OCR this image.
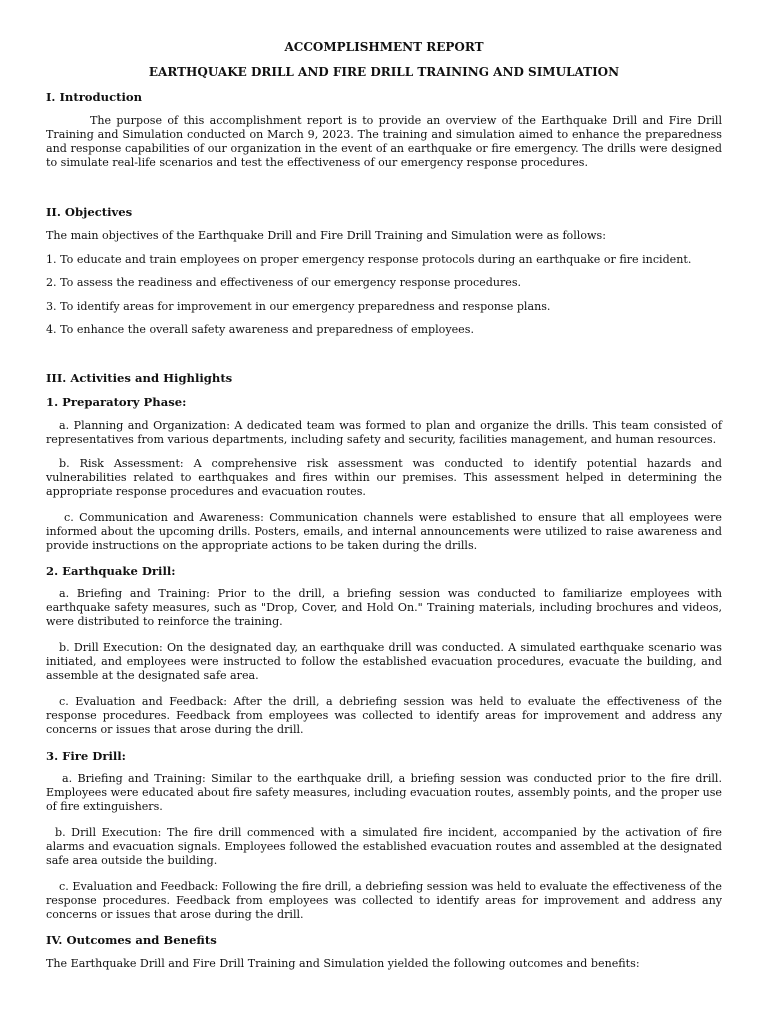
ACCOMPLISHMENT REPORT
EARTHQUAKE DRILL AND FIRE DRILL TRAINING AND SIMULATION
I. Introduction
The purpose of this accomplishment report is to provide an overview of the Earthquake Drill and Fire Drill Training and Simulation conducted on March 9, 2023. The training and simulation aimed to enhance the preparedness and response capabilities of our organization in the event of an earthquake or fire emergency. The drills were designed to simulate real-life scenarios and test the effectiveness of our emergency response procedures.
II. Objectives
The main objectives of the Earthquake Drill and Fire Drill Training and Simulation were as follows:
1. To educate and train employees on proper emergency response protocols during an earthquake or fire incident.
2. To assess the readiness and effectiveness of our emergency response procedures.
3. To identify areas for improvement in our emergency preparedness and response plans.
4. To enhance the overall safety awareness and preparedness of employees.
III. Activities and Highlights
1. Preparatory Phase:
a. Planning and Organization: A dedicated team was formed to plan and organize the drills. This team consisted of representatives from various departments, including safety and security, facilities management, and human resources.
b. Risk Assessment: A comprehensive risk assessment was conducted to identify potential hazards and vulnerabilities related to earthquakes and fires within our premises. This assessment helped in determining the appropriate response procedures and evacuation routes.
c. Communication and Awareness: Communication channels were established to ensure that all employees were informed about the upcoming drills. Posters, emails, and internal announcements were utilized to raise awareness and provide instructions on the appropriate actions to be taken during the drills.
2. Earthquake Drill:
a. Briefing and Training: Prior to the drill, a briefing session was conducted to familiarize employees with earthquake safety measures, such as "Drop, Cover, and Hold On." Training materials, including brochures and videos, were distributed to reinforce the training.
b. Drill Execution: On the designated day, an earthquake drill was conducted. A simulated earthquake scenario was initiated, and employees were instructed to follow the established evacuation procedures, evacuate the building, and assemble at the designated safe area.
c. Evaluation and Feedback: After the drill, a debriefing session was held to evaluate the effectiveness of the response procedures. Feedback from employees was collected to identify areas for improvement and address any concerns or issues that arose during the drill.
3. Fire Drill:
a. Briefing and Training: Similar to the earthquake drill, a briefing session was conducted prior to the fire drill. Employees were educated about fire safety measures, including evacuation routes, assembly points, and the proper use of fire extinguishers.
b. Drill Execution: The fire drill commenced with a simulated fire incident, accompanied by the activation of fire alarms and evacuation signals. Employees followed the established evacuation routes and assembled at the designated safe area outside the building.
c. Evaluation and Feedback: Following the fire drill, a debriefing session was held to evaluate the effectiveness of the response procedures. Feedback from employees was collected to identify areas for improvement and address any concerns or issues that arose during the drill.
IV. Outcomes and Benefits
The Earthquake Drill and Fire Drill Training and Simulation yielded the following outcomes and benefits:
